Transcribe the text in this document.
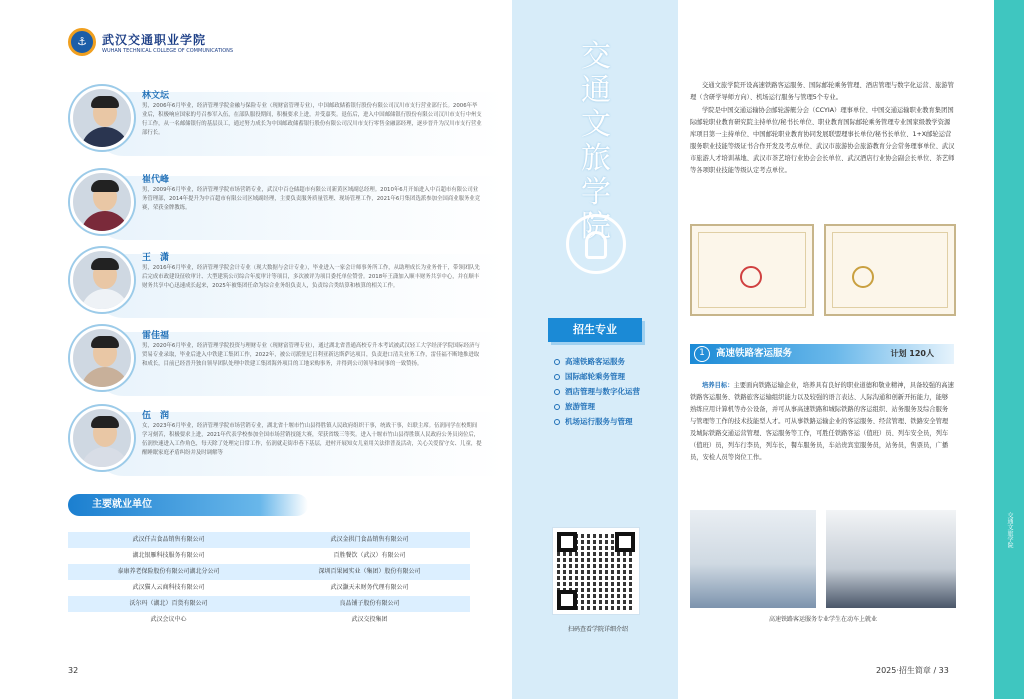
⚓	武汉交通职业学院
WUHAN TECHNICAL COLLEGE OF COMMUNICATIONS
林文坛
男，2006年6月毕业，经济管理学院金融与保险专业（现财富管理专业），中国邮政储蓄银行股份有限公司汉川市支行营业部行长。2006年毕业后，积极响应国家的号召参军入伍，在部队服役期间，积极要求上进，并受嘉奖。退伍后，进入中国邮储银行股份有限公司汉川市支行中州支行工作，从一名邮储银行的基层员工，通过努力成长为中国邮政储蓄银行股份有限公司汉川市支行零售金融部经理，逐步晋升为汉川市支行营业部行长。
崔代峰
男，2009年6月毕业，经济管理学院市场营销专业，武汉中百仓储超市有限公司新黄区域副总经理。2010年6月开始进入中百超市有限公司业务管理部，2014年提升为中百超市有限公司区域副经理，主要负责服务质量管理、现场管理工作，2021年6月集团选派参加全国商业服务业竞赛，荣获金牌教练。
王　潇
男，2016年6月毕业，经济管理学院会计专业（现大数据与会计专业），毕业进入一家会计师事务所工作，从助理成长为业务骨干，带领团队先后完成市政建设征收审计、大型建筑公司综合年度审计等项目，多次被评为项目委托单位赞誉。2018年王潇加入顺丰财务共享中心，并在顺丰财务共享中心迅速成长起来，2025年被集团任命为综合业务组负责人，负责综合类结算和核算的相关工作。
雷佳福
男，2020年6月毕业，经济管理学院投资与理财专业（现财富管理专业），通过湖北省普通高校专升本考试被武汉轻工大学经济学院国际经济与贸易专业录取，毕业后进入中铁建工集团工作，2022年，被公司派驻尼日利亚新达斯萨达项目，负责进口清关业务工作，雷佳福不断地推进取和成长，目前已经晋升独自领导团队处理中铁建工集团海外项目的工地采购事务，并得到公司领导和同事的一致赞扬。
伍　润
女，2023年6月毕业，经济管理学院市场营销专业，湖北省十堰市竹山县得胜镇人民政府组织干事，统战干事，妇联主席。伍润同学在校期间学习刻苦，积极要求上进，2021年代表学校参加全国市场营销技能大赛，荣获省级三等奖。进入十堰市竹山县得胜镇人民政府公务员岗位后，伍润快速进入工作角色，每天除了处理完日常工作，伍润就走街串巷下基层，进村开展知女儿童用关法律普及活动，关心关爱留守女、儿童，提醒睡眠家庭矛盾纠纷并及时调解等
主要就业单位
武汉仟吉食品销售有限公司	武汉金拱门食品销售有限公司
湖北银雁科技服务有限公司	百胜餐饮（武汉）有限公司
泰康养老保险股份有限公司湖北分公司	深圳百果园实业（集团）股份有限公司
武汉猫人云商科技有限公司	武汉灏天未财务代理有限公司
沃尔玛（湖北）百货有限公司	良品铺子股份有限公司
武汉会议中心	武汉交投集团
32
交
通
文
旅
学
院
招生专业
高速铁路客运服务
国际邮轮乘务管理
酒店管理与数字化运营
旅游管理
机场运行服务与管理
扫码查看学院详细介绍

交通文旅学院开设高速铁路客运服务、国际邮轮乘务管理、酒店管理与数字化运营、旅游管理（含研学导师方向）、机场运行服务与管理5个专业。

学院是中国交通运输协会邮轮游艇分会（CCYIA）理事单位、中国交通运输职业教育集团国际邮轮职业教育研究院主持单位/秘书长单位、职业教育国际邮轮乘务管理专业国家级教学资源库项目第一主持单位、中国邮轮职业教育协同发展联盟理事长单位/秘书长单位、1+X邮轮运营服务职业技能等级证书合作开发及考点单位、武汉市旅游协会旅游教育分会常务理事单位、武汉市旅游人才培训基地、武汉市茶艺培行业协会会长单位、武汉酒店行业协会副会长单位、茶艺师等各项职业技能等级认定考点单位。

1	高速铁路客运服务	计划 120人
培养目标：主要面向铁路运输企业，培养具有良好的职业道德和敬业精神，具备较强的高速铁路客运服务、铁路旅客运输组织能力以及较强的语言表达、人际沟通和创新开拓能力，能够熟练应用计算机等办公设备，并可从事高速铁路和城际铁路的客运组织、站务服务及综合服务与管理等工作的技术技能型人才。可从事铁路运输企业的客运服务、经营管理、铁路安全管理及城际铁路交通运营管理、客运服务等工作，可胜任铁路客运（值班）员、列车安全员，列车（值班）员，列车行李员，列车长，餐车服务员，车站贵宾室服务员，站务员，售票员，广播员，安检人员等岗位工作。
高速铁路客运服务专业学生在动车上就业
交通文旅学院
2025·招生简章 / 33
